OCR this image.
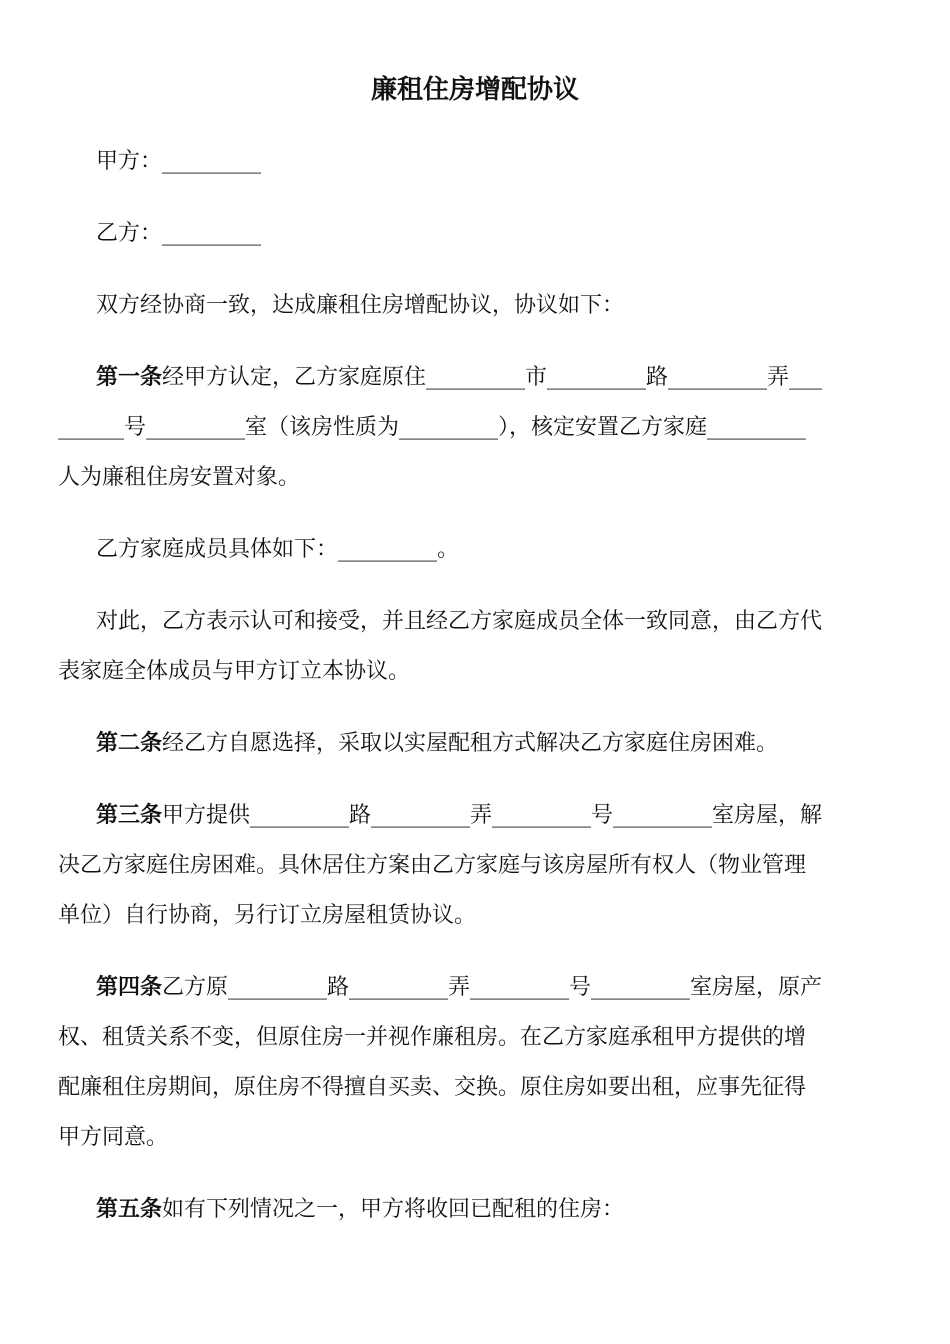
廉租住房增配协议
甲方：_________
乙方：_________
双方经协商一致，达成廉租住房增配协议，协议如下：
第一条经甲方认定，乙方家庭原住_________市_________路_________弄___
______号_________室（该房性质为_________），核定安置乙方家庭_________
人为廉租住房安置对象。
乙方家庭成员具体如下：_________。
对此，乙方表示认可和接受，并且经乙方家庭成员全体一致同意，由乙方代
表家庭全体成员与甲方订立本协议。
第二条经乙方自愿选择，采取以实屋配租方式解决乙方家庭住房困难。
第三条甲方提供_________路_________弄_________号_________室房屋，解
决乙方家庭住房困难。具休居住方案由乙方家庭与该房屋所有权人（物业管理
单位）自行协商，另行订立房屋租赁协议。
第四条乙方原_________路_________弄_________号_________室房屋，原产
权、租赁关系不变，但原住房一并视作廉租房。在乙方家庭承租甲方提供的增
配廉租住房期间，原住房不得擅自买卖、交换。原住房如要出租，应事先征得
甲方同意。
第五条如有下列情况之一，甲方将收回已配租的住房：
